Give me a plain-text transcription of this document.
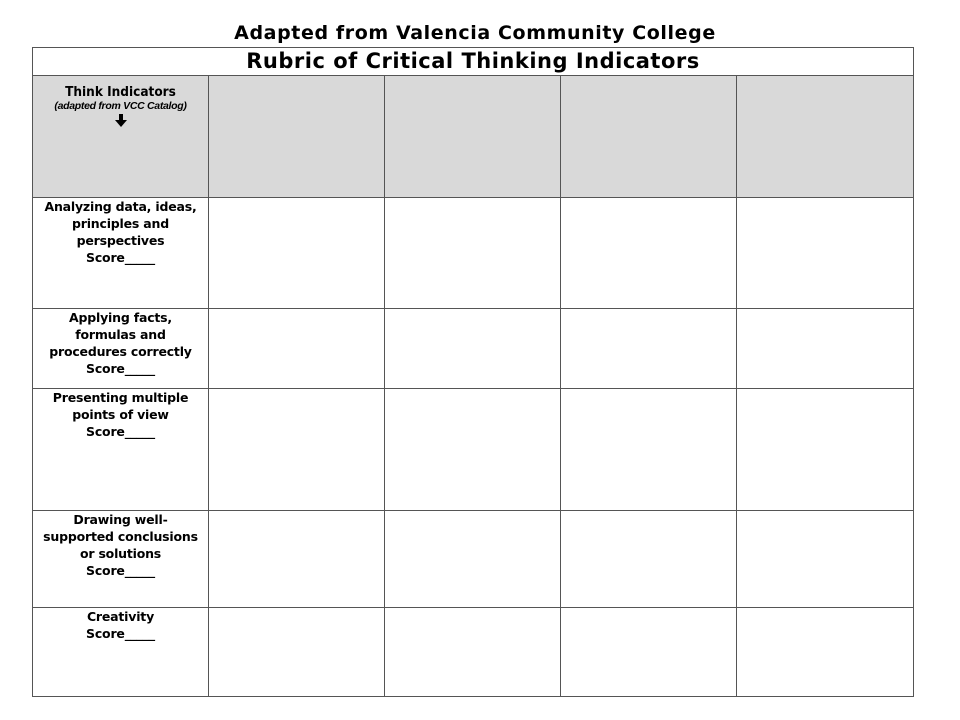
Adapted from Valencia Community College
Rubric of Critical Thinking Indicators				

Think Indicators
(adapted from VCC Catalog)				

Analyzing data, ideas, principles and perspectives
Score_____				

Applying facts, formulas and procedures correctly
Score_____				

Presenting multiple points of view
Score_____				

Drawing well-supported conclusions or solutions
Score_____				

Creativity
Score_____				
